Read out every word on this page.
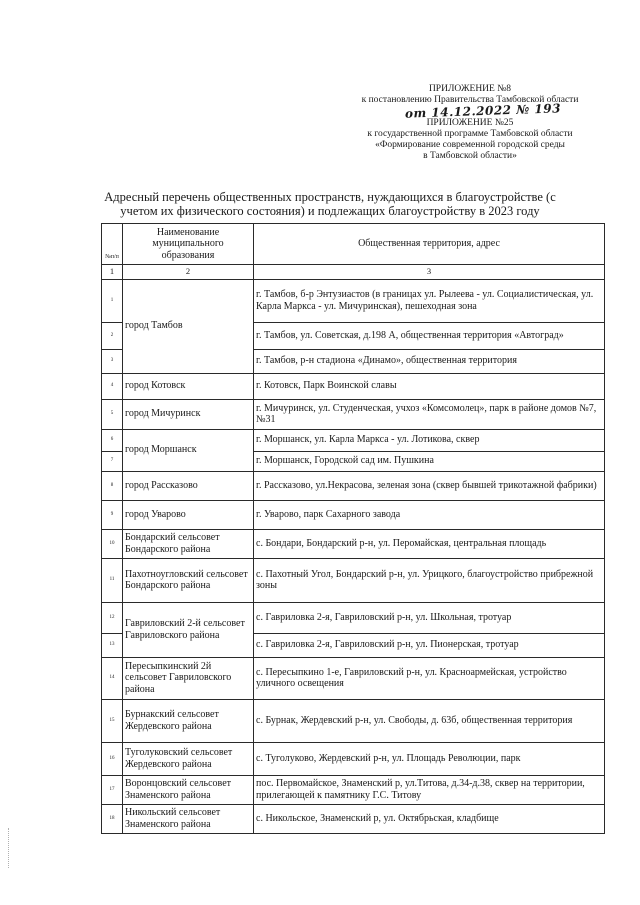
ПРИЛОЖЕНИЕ №8
к постановлению Правительства Тамбовской области
от 14.12.2022 № 193
ПРИЛОЖЕНИЕ №25
к государственной программе Тамбовской области
«Формирование современной городской среды
в Тамбовской области»
Адресный перечень общественных пространств, нуждающихся в благоустройстве (с
учетом их физического состояния) и подлежащих благоустройству в 2023 году
№п/п	Наименование муниципального образования	Общественная территория, адрес
1	2	3
1	город Тамбов	г. Тамбов, б-р Энтузиастов (в границах ул. Рылеева - ул. Социалистическая, ул. Карла Маркса - ул. Мичуринская), пешеходная зона
2		г. Тамбов, ул. Советская, д.198 А, общественная территория «Автоград»
3		г. Тамбов, р-н стадиона «Динамо», общественная территория
4	город Котовск	г. Котовск, Парк Воинской славы
5	город Мичуринск	г. Мичуринск, ул. Студенческая, учхоз «Комсомолец», парк в районе домов №7, №31
6	город Моршанск	г. Моршанск, ул. Карла Маркса - ул. Лотикова, сквер
7		г. Моршанск, Городской сад им. Пушкина
8	город Рассказово	г. Рассказово, ул.Некрасова, зеленая зона (сквер бывшей трикотажной фабрики)
9	город Уварово	г. Уварово, парк Сахарного завода
10	Бондарский сельсовет Бондарского района	с. Бондари, Бондарский р-н, ул. Перомайская, центральная площадь
11	Пахотноугловский сельсовет Бондарского района	с. Пахотный Угол, Бондарский р-н, ул. Урицкого, благоустройство прибрежной зоны
12	Гавриловский 2-й сельсовет Гавриловского района	с. Гавриловка 2-я, Гавриловский р-н, ул. Школьная, тротуар
13		с. Гавриловка 2-я, Гавриловский р-н, ул. Пионерская, тротуар
14	Пересыпкинский 2й сельсовет Гавриловского района	с. Пересыпкино 1-е, Гавриловский р-н, ул. Красноармейская, устройство уличного освещения
15	Бурнакский сельсовет Жердевского района	с. Бурнак, Жердевский р-н, ул. Свободы, д. 63б, общественная территория
16	Туголуковский сельсовет Жердевского района	с. Туголуково, Жердевский р-н, ул. Площадь Революции, парк
17	Воронцовский сельсовет Знаменского района	пос. Первомайское, Знаменский р, ул.Титова, д.34-д.38, сквер на территории, прилегающей к памятнику Г.С. Титову
18	Никольский сельсовет Знаменского района	с. Никольское, Знаменский р, ул. Октябрьская, кладбище
